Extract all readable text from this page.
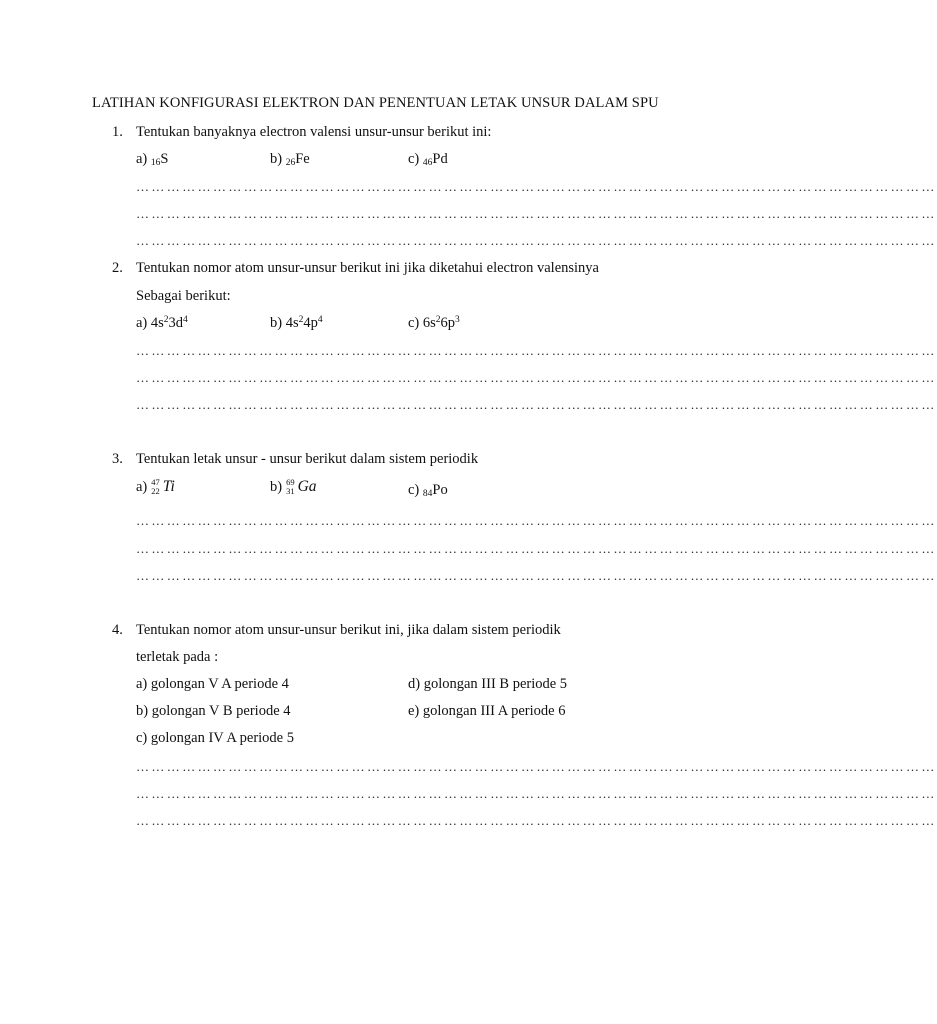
LATIHAN KONFIGURASI ELEKTRON DAN PENENTUAN LETAK UNSUR DALAM SPU
1. Tentukan banyaknya electron valensi unsur-unsur berikut ini:
a) $_{16}$S	b) $_{26}$Fe	c) $_{46}$Pd
…………………………………………………………………………………………………………………………………………
…………………………………………………………………………………………………………………………………………
…………………………………………………………………………………………………………………………………………
2. Tentukan nomor atom unsur-unsur berikut ini jika diketahui electron valensinya
Sebagai berikut:
a) $4s^23d^4$	b) $4s^24p^4$	c) $6s^26p^3$
…………………………………………………………………………………………………………………………………………
…………………………………………………………………………………………………………………………………………
…………………………………………………………………………………………………………………………………………
3. Tentukan letak unsur - unsur berikut dalam sistem periodik
a) 47
22 Ti	b) 69
31 Ga	c) $_{84}$Po
…………………………………………………………………………………………………………………………………………
…………………………………………………………………………………………………………………………………………
…………………………………………………………………………………………………………………………………………
4. Tentukan nomor atom unsur-unsur berikut ini, jika dalam sistem periodik
terletak pada :
a) golongan V A periode 4	d) golongan III B periode 5
b) golongan V B periode 4	e) golongan III A periode 6
c) golongan IV A periode 5
…………………………………………………………………………………………………………………………………………
…………………………………………………………………………………………………………………………………………
…………………………………………………………………………………………………………………………………………
